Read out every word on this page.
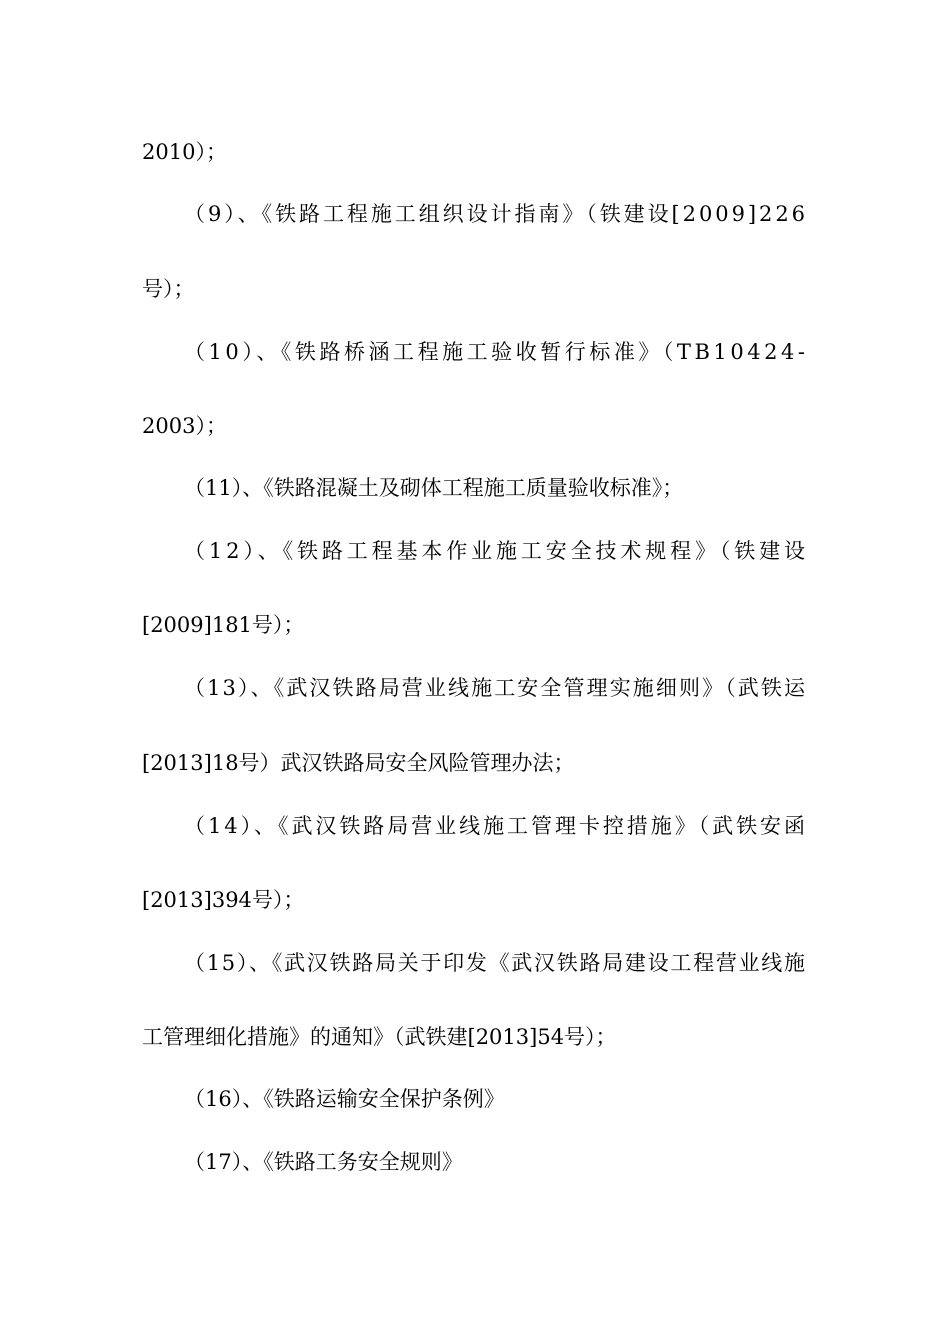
2010）；
（9）、《铁路工程施工组织设计指南》（铁建设[2009]226
号）；
（10）、《铁路桥涵工程施工验收暂行标准》（TB10424-
2003）；
（11）、《铁路混凝土及砌体工程施工质量验收标准》；
（12）、《铁路工程基本作业施工安全技术规程》（铁建设
[2009]181号）；
（13）、《武汉铁路局营业线施工安全管理实施细则》（武铁运
[2013]18号）武汉铁路局安全风险管理办法；
（14）、《武汉铁路局营业线施工管理卡控措施》（武铁安函
[2013]394号）；
（15）、《武汉铁路局关于印发《武汉铁路局建设工程营业线施
工管理细化措施》的通知》（武铁建[2013]54号）；
（16）、《铁路运输安全保护条例》
（17）、《铁路工务安全规则》
